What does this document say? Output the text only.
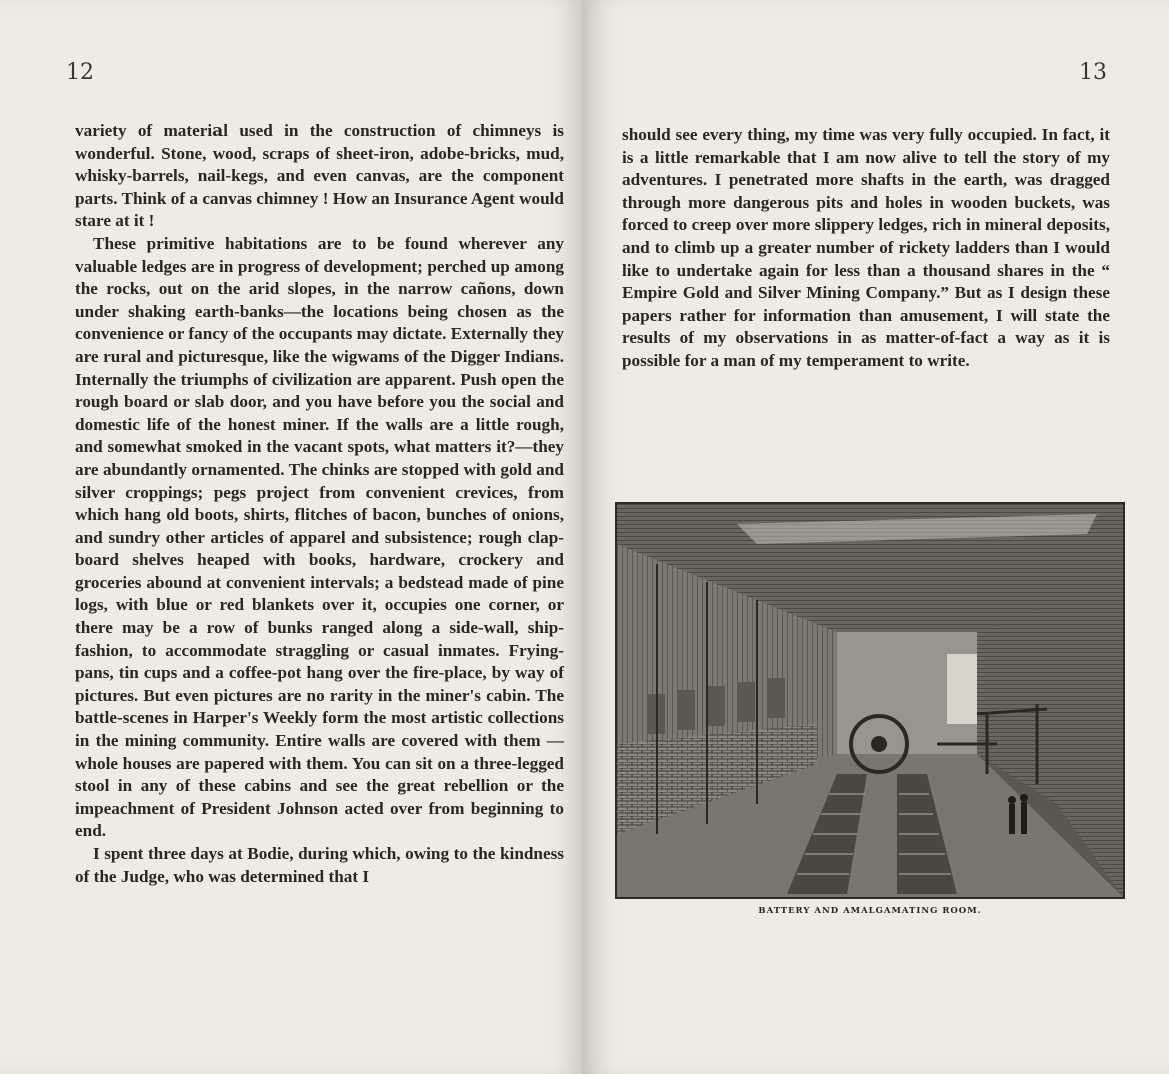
12

variety of materi𝐚l used in the construction of chimneys is wonderful. Stone, wood, scraps of sheet-iron, adobe-bricks, mud, whisky-barrels, nail-kegs, and even canvas, are the component parts. Think of a canvas chimney ! How an Insurance Agent would stare at it !

These primitive habitations are to be found wherever any valuable ledges are in progress of development; perched up among the rocks, out on the arid slopes, in the narrow cañons, down under shaking earth-banks—the locations being chosen as the convenience or fancy of the occupants may dictate. Externally they are rural and picturesque, like the wigwams of the Digger Indians. Internally the triumphs of civilization are apparent. Push open the rough board or slab door, and you have before you the social and domestic life of the honest miner. If the walls are a little rough, and somewhat smoked in the vacant spots, what matters it?—they are abundantly ornamented. The chinks are stopped with gold and silver croppings; pegs project from convenient crevices, from which hang old boots, shirts, flitches of bacon, bunches of onions, and sundry other articles of apparel and subsistence; rough clap-board shelves heaped with books, hardware, crockery and groceries abound at convenient intervals; a bedstead made of pine logs, with blue or red blankets over it, occupies one corner, or there may be a row of bunks ranged along a side-wall, ship-fashion, to accommodate straggling or casual inmates. Frying-pans, tin cups and a coffee-pot hang over the fire-place, by way of pictures. But even pictures are no rarity in the miner's cabin. The battle-scenes in Harper's Weekly form the most artistic collections in the mining community. Entire walls are covered with them —whole houses are papered with them. You can sit on a three-legged stool in any of these cabins and see the great rebellion or the impeachment of President Johnson acted over from beginning to end.

I spent three days at Bodie, during which, owing to the kindness of the Judge, who was determined that I

13

should see every thing, my time was very fully occupied. In fact, it is a little remarkable that I am now alive to tell the story of my adventures. I penetrated more shafts in the earth, was dragged through more dangerous pits and holes in wooden buckets, was forced to creep over more slippery ledges, rich in mineral deposits, and to climb up a greater number of rickety ladders than I would like to undertake again for less than a thousand shares in the “ Empire Gold and Silver Mining Company.” But as I design these papers rather for information than amusement, I will state the results of my observations in as matter-of-fact a way as it is possible for a man of my temperament to write.

BATTERY AND AMALGAMATING ROOM.
